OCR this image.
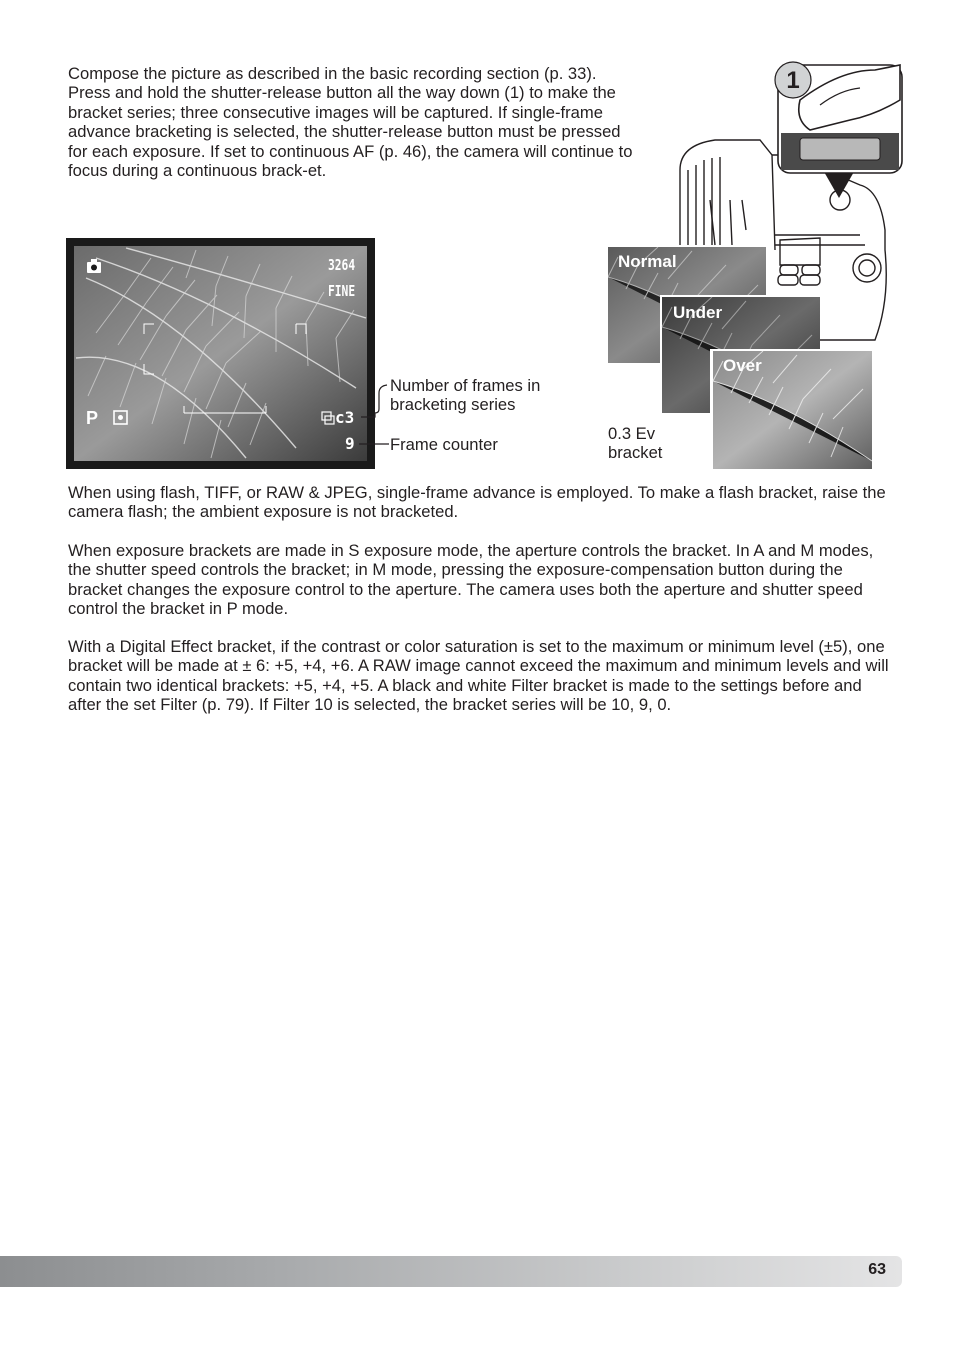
Compose the picture as described in the basic recording section (p. 33). Press and hold the shutter-release button all the way down (1) to make the bracket series; three consecutive images will be captured. If single-frame advance bracketing is selected, the shutter-release button must be pressed for each exposure. If set to continuous AF (p. 46), the camera will continue to focus during a continuous brack-et.

3264
FINE
P	c3
9
Number of frames in bracketing series
Frame counter
1
Normal
Under
Over
0.3 Ev bracket

When using flash, TIFF, or RAW & JPEG, single-frame advance is employed. To make a flash bracket, raise the camera flash; the ambient exposure is not bracketed.

When exposure brackets are made in S exposure mode, the aperture controls the bracket. In A and M modes, the shutter speed controls the bracket; in M mode, pressing the exposure-compensation button during the bracket changes the exposure control to the aperture. The camera uses both the aperture and shutter speed control the bracket in P mode.

With a Digital Effect bracket, if the contrast or color saturation is set to the maximum or minimum level (±5), one bracket will be made at ± 6: +5, +4, +6. A RAW image cannot exceed the maximum and minimum levels and will contain two identical brackets: +5, +4, +5. A black and white Filter bracket is made to the settings before and after the set Filter (p. 79). If Filter 10 is selected, the bracket series will be 10, 9, 0.

63
